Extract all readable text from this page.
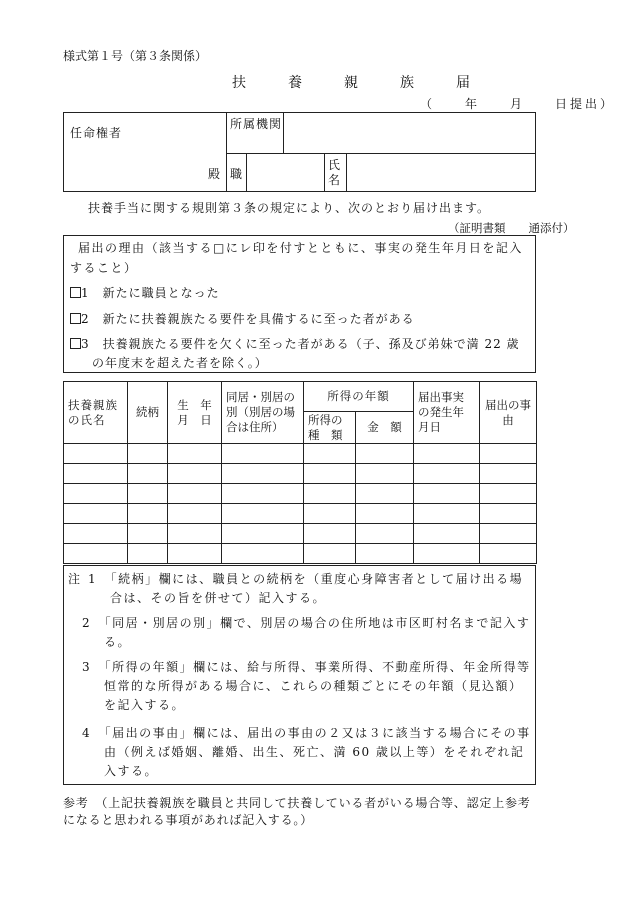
様式第１号（第３条関係）
扶　養　親　族　届
（　　年　　月　　日提出）
任命権者
殿
所属機関
職
氏名
扶養手当に関する規則第３条の規定により、次のとおり届け出ます。
（証明書類　　通添付）
届出の理由（該当する□にレ印を付すとともに、事実の発生年月日を記入すること）
1　 新たに職員となった
2　 新たに扶養親族たる要件を具備するに至った者がある
3　 扶養親族たる要件を欠くに至った者がある（子、孫及び弟妹で満 22 歳の年度末を超えた者を除く。）
扶養親族の氏名	続柄	生　年月　日	同居・別居の別（別居の場合は住所）	所得の年額		届出事実の発生年月日	届出の事　由
				所得の種　類	金　額		

注 1　 「続柄」欄には、職員との続柄を（重度心身障害者として届け出る場合は、その旨を併せて）記入する。
2　 「同居・別居の別」欄で、別居の場合の住所地は市区町村名まで記入する。
3　 「所得の年額」欄には、給与所得、事業所得、不動産所得、年金所得等恒常的な所得がある場合に、これらの種類ごとにその年額（見込額）を記入する。
4　 「届出の事由」欄には、届出の事由の２又は３に該当する場合にその事由（例えば婚姻、離婚、出生、死亡、満 60 歳以上等）をそれぞれ記入する。
参考　（上記扶養親族を職員と共同して扶養している者がいる場合等、認定上参考になると思われる事項があれば記入する。）
